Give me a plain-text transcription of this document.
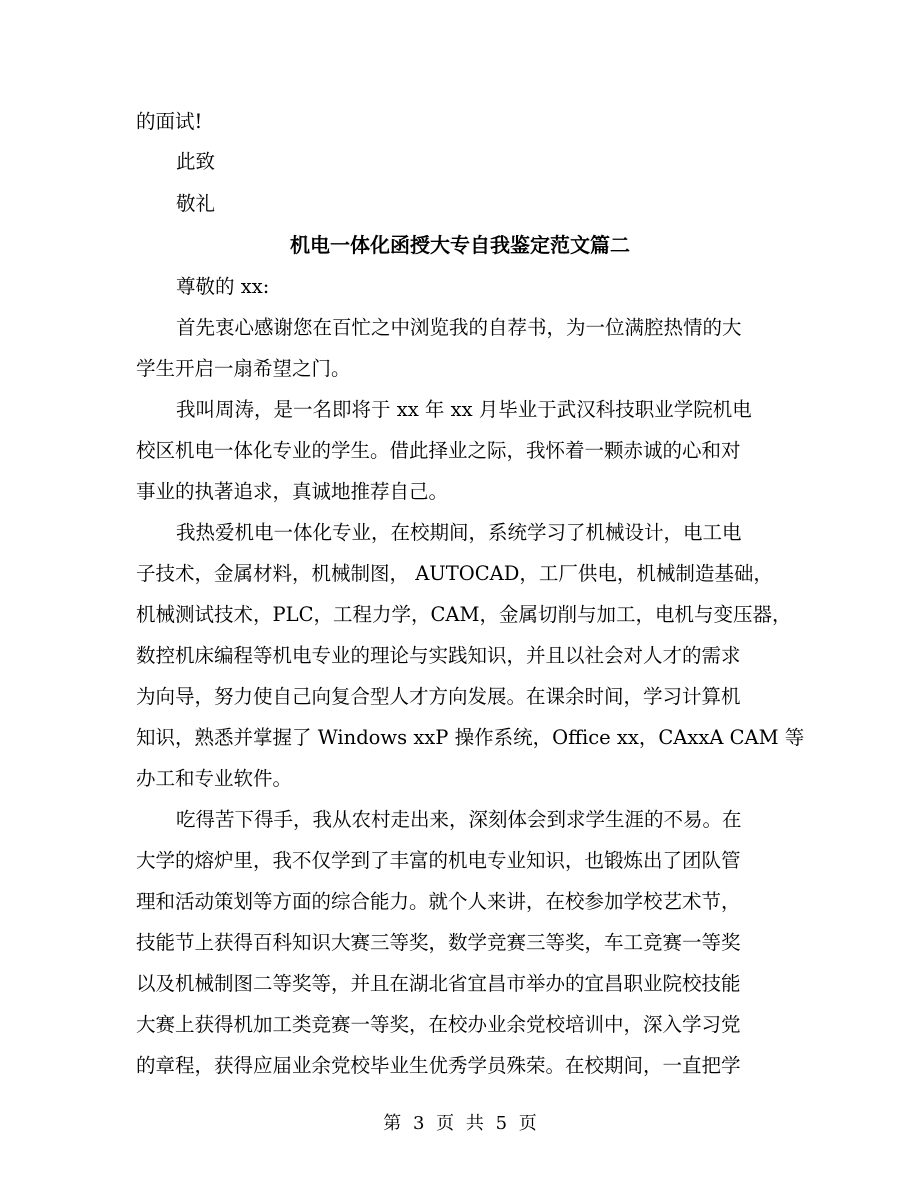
的面试!
此致
敬礼
机电一体化函授大专自我鉴定范文篇二
尊敬的 xx:
首先衷心感谢您在百忙之中浏览我的自荐书，为一位满腔热情的大
学生开启一扇希望之门。
我叫周涛，是一名即将于 xx 年 xx 月毕业于武汉科技职业学院机电
校区机电一体化专业的学生。借此择业之际，我怀着一颗赤诚的心和对
事业的执著追求，真诚地推荐自己。
我热爱机电一体化专业，在校期间，系统学习了机械设计，电工电
子技术，金属材料，机械制图， AUTOCAD，工厂供电，机械制造基础，
机械测试技术，PLC，工程力学，CAM，金属切削与加工，电机与变压器，
数控机床编程等机电专业的理论与实践知识，并且以社会对人才的需求
为向导，努力使自己向复合型人才方向发展。在课余时间，学习计算机
知识，熟悉并掌握了 Windows xxP 操作系统，Office xx，CAxxA CAM 等
办工和专业软件。
吃得苦下得手，我从农村走出来，深刻体会到求学生涯的不易。在
大学的熔炉里，我不仅学到了丰富的机电专业知识，也锻炼出了团队管
理和活动策划等方面的综合能力。就个人来讲，在校参加学校艺术节，
技能节上获得百科知识大赛三等奖，数学竞赛三等奖，车工竞赛一等奖
以及机械制图二等奖等，并且在湖北省宜昌市举办的宜昌职业院校技能
大赛上获得机加工类竞赛一等奖，在校办业余党校培训中，深入学习党
的章程，获得应届业余党校毕业生优秀学员殊荣。在校期间，一直把学
第 3 页 共 5 页
